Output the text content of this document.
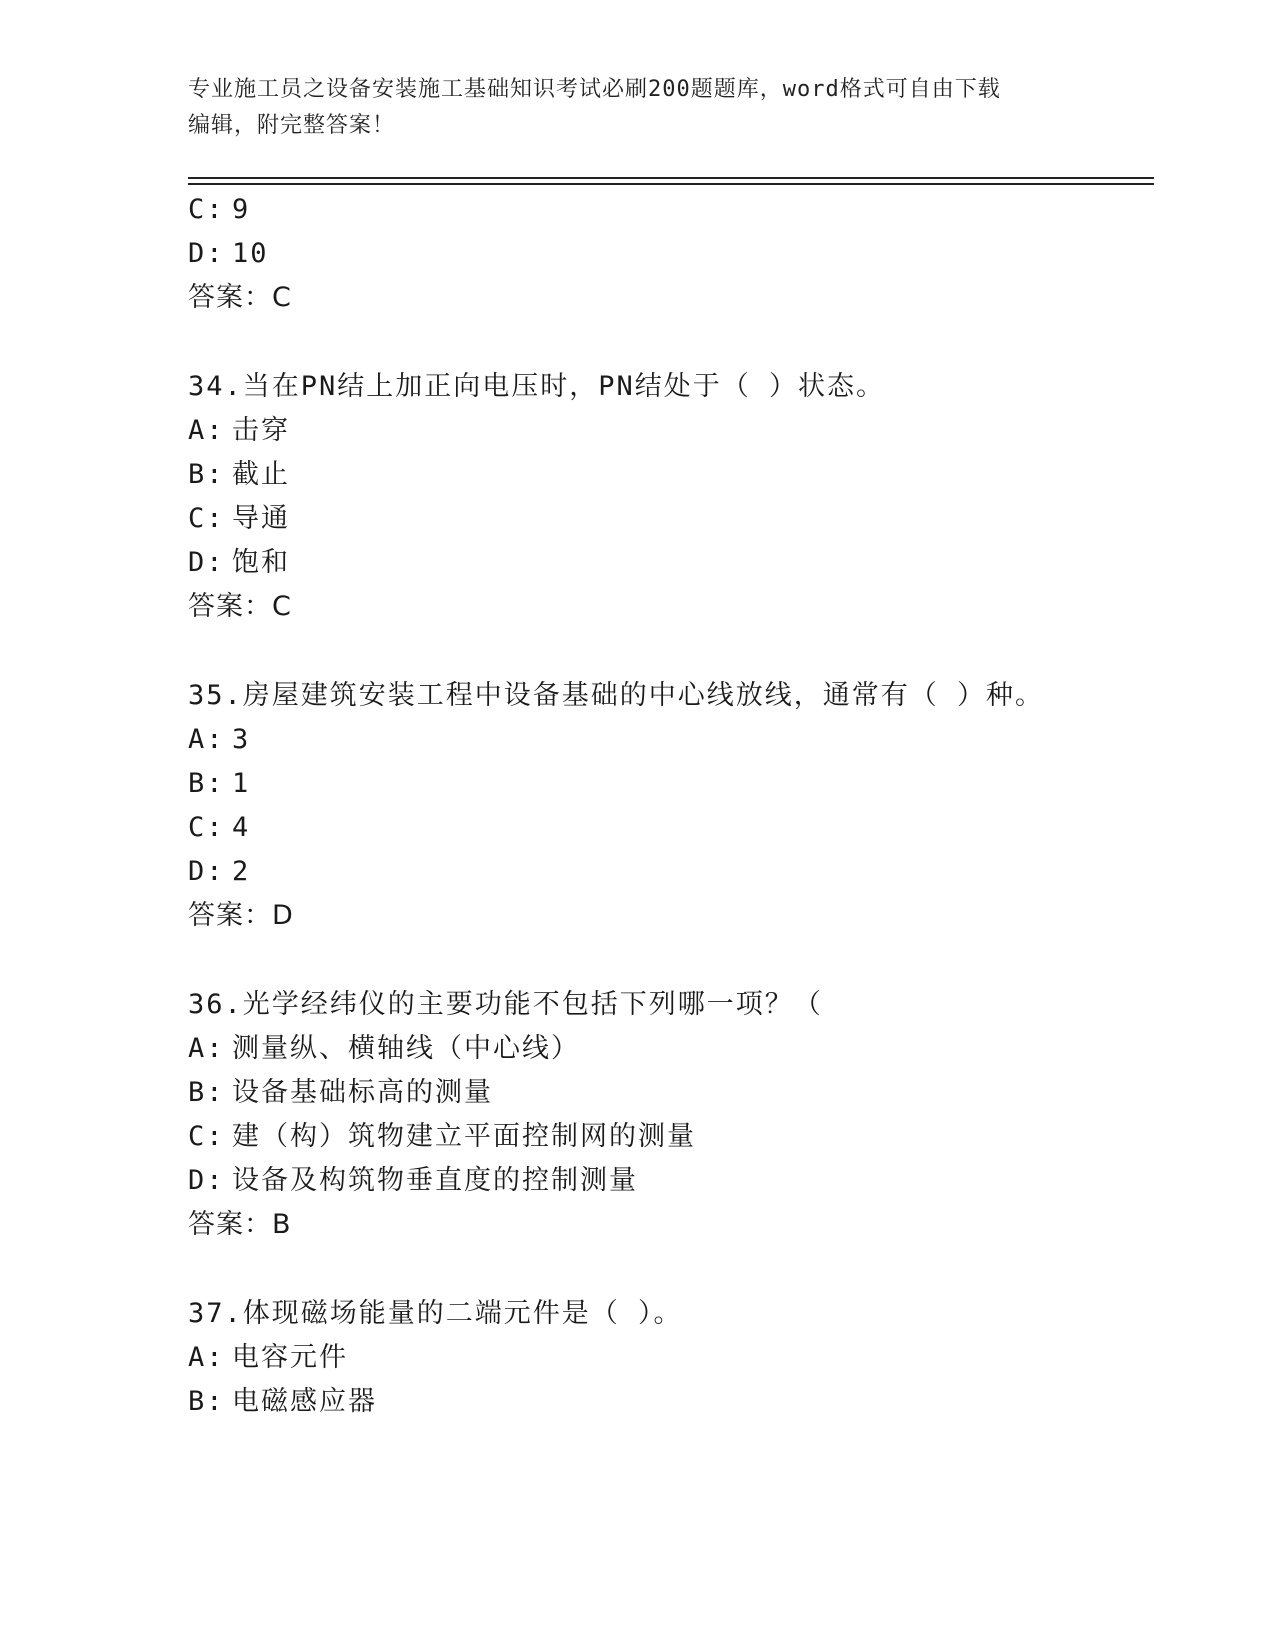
专业施工员之设备安装施工基础知识考试必刷200题题库，word格式可自由下载
编辑，附完整答案！
C: 9
D: 10
答案：C
34.当在PN结上加正向电压时，PN结处于（ ）状态。
A: 击穿
B: 截止
C: 导通
D: 饱和
答案：C
35.房屋建筑安装工程中设备基础的中心线放线，通常有（ ）种。
A: 3
B: 1
C: 4
D: 2
答案：D
36.光学经纬仪的主要功能不包括下列哪一项？（
A: 测量纵、横轴线（中心线）
B: 设备基础标高的测量
C: 建（构）筑物建立平面控制网的测量
D: 设备及构筑物垂直度的控制测量
答案：B
37.体现磁场能量的二端元件是（ ）。
A: 电容元件
B: 电磁感应器
